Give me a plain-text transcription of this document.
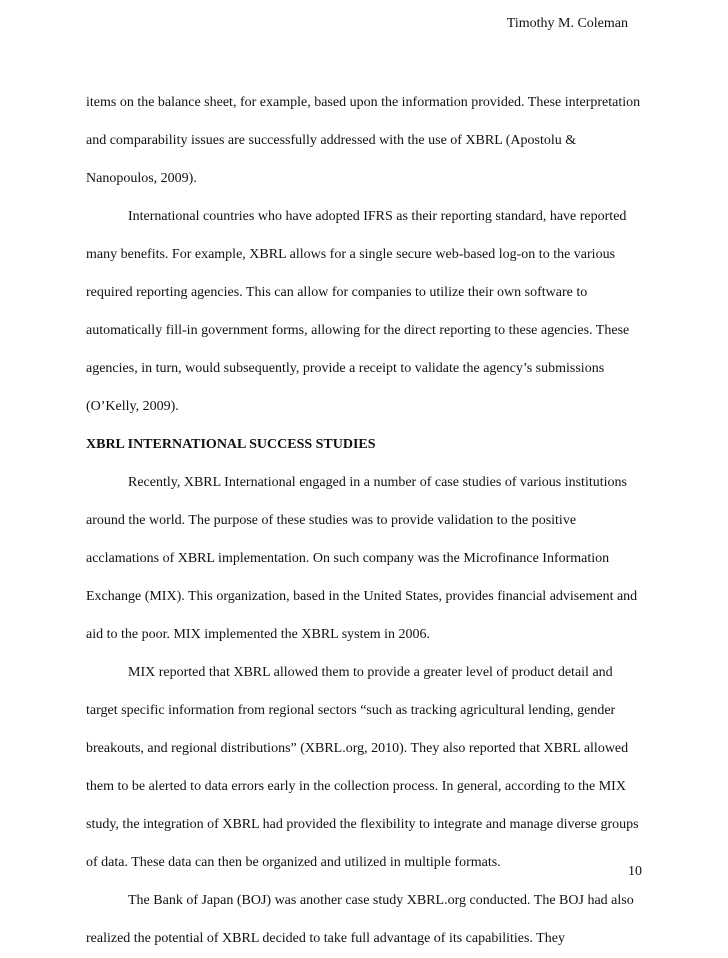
Timothy M. Coleman

items on the balance sheet, for example, based upon the information provided. These interpretation and comparability issues are successfully addressed with the use of XBRL (Apostolu & Nanopoulos, 2009).

International countries who have adopted IFRS as their reporting standard, have reported many benefits. For example, XBRL allows for a single secure web-based log-on to the various required reporting agencies. This can allow for companies to utilize their own software to automatically fill-in government forms, allowing for the direct reporting to these agencies. These agencies, in turn, would subsequently, provide a receipt to validate the agency’s submissions (O’Kelly, 2009).

XBRL INTERNATIONAL SUCCESS STUDIES

Recently, XBRL International engaged in a number of case studies of various institutions around the world. The purpose of these studies was to provide validation to the positive acclamations of XBRL implementation. On such company was the Microfinance Information Exchange (MIX). This organization, based in the United States, provides financial advisement and aid to the poor. MIX implemented the XBRL system in 2006.

MIX reported that XBRL allowed them to provide a greater level of product detail and target specific information from regional sectors “such as tracking agricultural lending, gender breakouts, and regional distributions” (XBRL.org, 2010). They also reported that XBRL allowed them to be alerted to data errors early in the collection process. In general, according to the MIX study, the integration of XBRL had provided the flexibility to integrate and manage diverse groups of data. These data can then be organized and utilized in multiple formats.

The Bank of Japan (BOJ) was another case study XBRL.org conducted. The BOJ had also realized the potential of XBRL decided to take full advantage of its capabilities. They

10
